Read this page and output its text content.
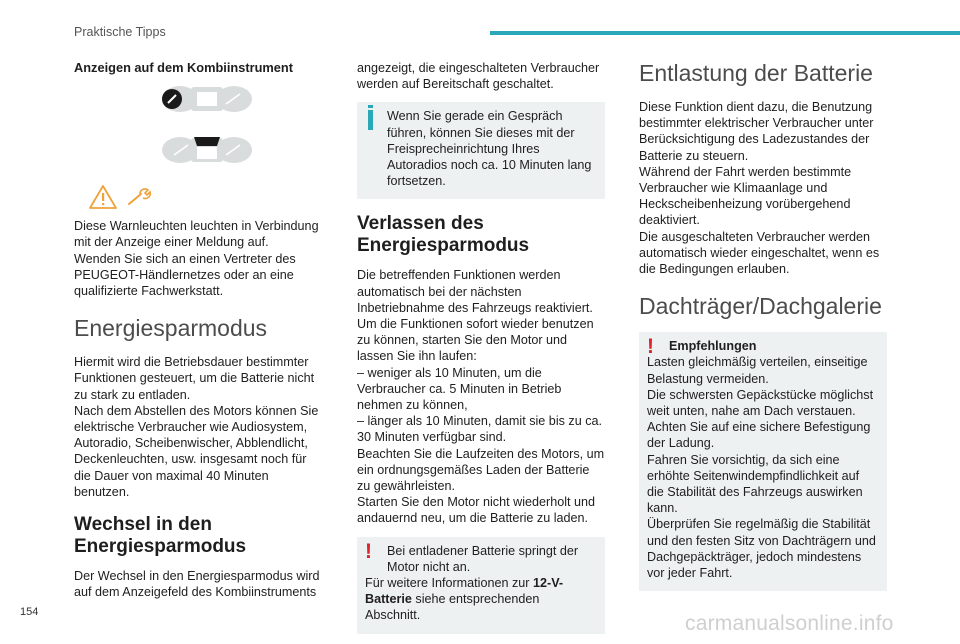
Praktische Tipps

Anzeigen auf dem Kombiinstrument

Diese Warnleuchten leuchten in Verbindung mit der Anzeige einer Meldung auf.
Wenden Sie sich an einen Vertreter des PEUGEOT-Händlernetzes oder an eine qualifizierte Fachwerkstatt.

Energiesparmodus

Hiermit wird die Betriebsdauer bestimmter Funktionen gesteuert, um die Batterie nicht zu stark zu entladen.
Nach dem Abstellen des Motors können Sie elektrische Verbraucher wie Audiosystem, Autoradio, Scheibenwischer, Abblendlicht, Deckenleuchten, usw. insgesamt noch für die Dauer von maximal 40 Minuten benutzen.

Wechsel in den Energiesparmodus

Der Wechsel in den Energiesparmodus wird auf dem Anzeigefeld des Kombiinstruments

angezeigt, die eingeschalteten Verbraucher werden auf Bereitschaft geschaltet.

Wenn Sie gerade ein Gespräch führen, können Sie dieses mit der Freisprecheinrichtung Ihres Autoradios noch ca. 10 Minuten lang fortsetzen.

Verlassen des Energiesparmodus

Die betreffenden Funktionen werden automatisch bei der nächsten Inbetriebnahme des Fahrzeugs reaktiviert.
Um die Funktionen sofort wieder benutzen zu können, starten Sie den Motor und lassen Sie ihn laufen:
– weniger als 10 Minuten, um die Verbraucher ca. 5 Minuten in Betrieb nehmen zu können,
– länger als 10 Minuten, damit sie bis zu ca. 30 Minuten verfügbar sind.
Beachten Sie die Laufzeiten des Motors, um ein ordnungsgemäßes Laden der Batterie zu gewährleisten.
Starten Sie den Motor nicht wiederholt und andauernd neu, um die Batterie zu laden.

!	Bei entladener Batterie springt der Motor nicht an.

Für weitere Informationen zur 12-V-Batterie siehe entsprechenden Abschnitt.

Entlastung der Batterie

Diese Funktion dient dazu, die Benutzung bestimmter elektrischer Verbraucher unter Berücksichtigung des Ladezustandes der Batterie zu steuern.
Während der Fahrt werden bestimmte Verbraucher wie Klimaanlage und Heckscheibenheizung vorübergehend deaktiviert.
Die ausgeschalteten Verbraucher werden automatisch wieder eingeschaltet, wenn es die Bedingungen erlauben.

Dachträger/Dachgalerie
!	Empfehlungen

Lasten gleichmäßig verteilen, einseitige Belastung vermeiden.
Die schwersten Gepäckstücke möglichst weit unten, nahe am Dach verstauen.
Achten Sie auf eine sichere Befestigung der Ladung.
Fahren Sie vorsichtig, da sich eine erhöhte Seitenwindempfindlichkeit auf die Stabilität des Fahrzeugs auswirken kann.
Überprüfen Sie regelmäßig die Stabilität und den festen Sitz von Dachträgern und Dachgepäckträger, jedoch mindestens vor jeder Fahrt.

154	carmanualsonline.info
